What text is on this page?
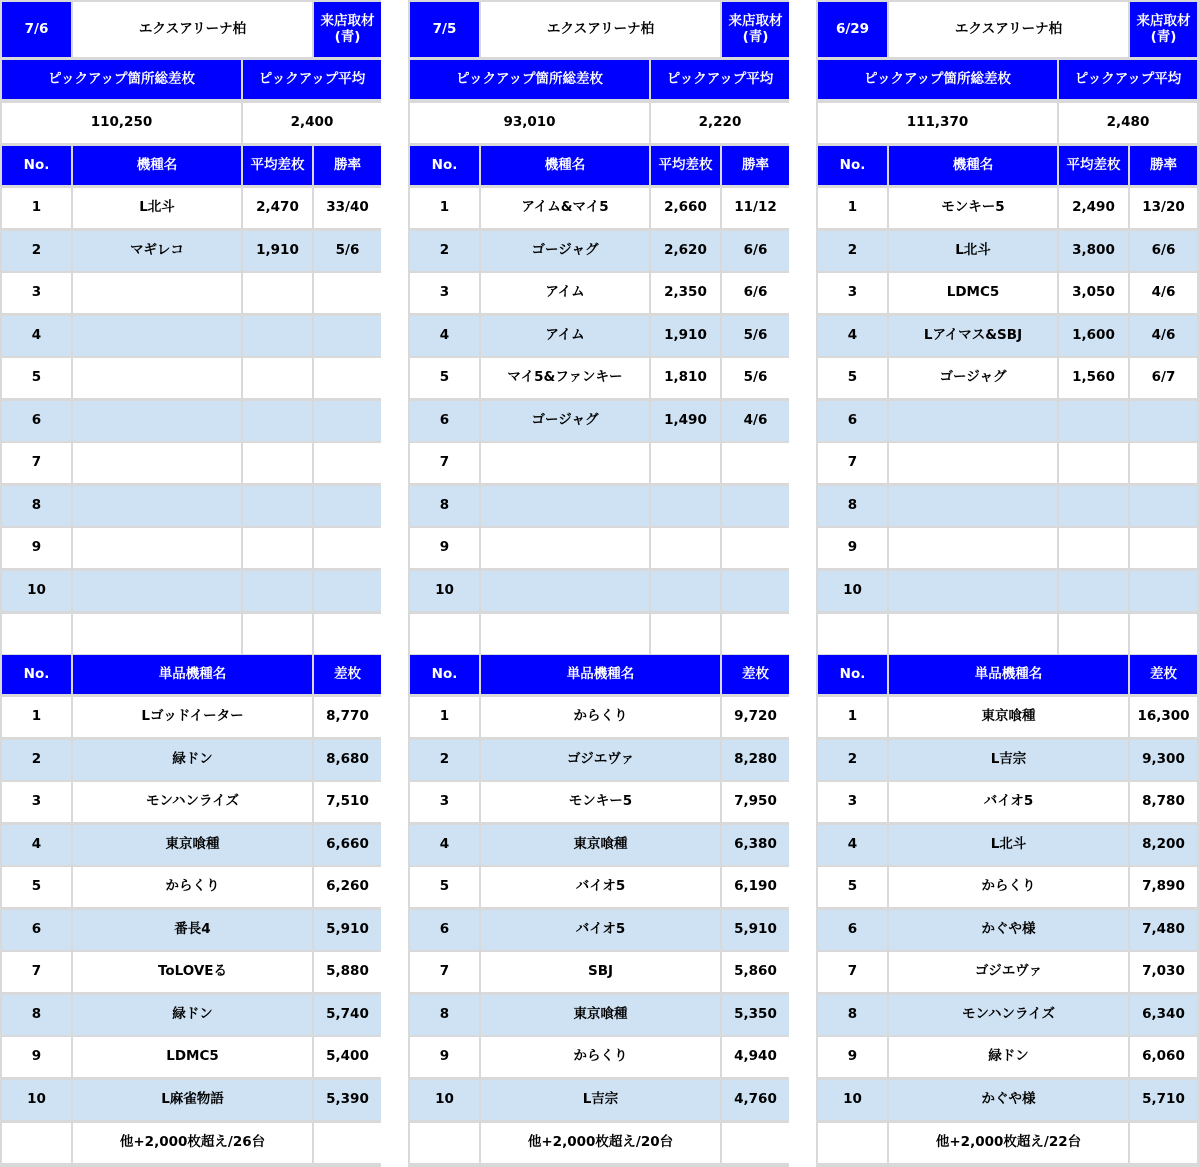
7/6	エクスアリーナ柏	来店取材
(青)
ピックアップ箇所総差枚	ピックアップ平均
110,250	2,400
No.	機種名	平均差枚	勝率
1	L北斗	2,470	33/40
2	マギレコ	1,910	5/6
3
4
5
6
7
8
9
10
No.	単品機種名	差枚
1	Lゴッドイーター	8,770
2	緑ドン	8,680
3	モンハンライズ	7,510
4	東京喰種	6,660
5	からくり	6,260
6	番長4	5,910
7	ToLOVEる	5,880
8	緑ドン	5,740
9	LDMC5	5,400
10	L麻雀物語	5,390
他+2,000枚超え/26台
7/5	エクスアリーナ柏	来店取材
(青)
ピックアップ箇所総差枚	ピックアップ平均
93,010	2,220
No.	機種名	平均差枚	勝率
1	アイム&マイ5	2,660	11/12
2	ゴージャグ	2,620	6/6
3	アイム	2,350	6/6
4	アイム	1,910	5/6
5	マイ5&ファンキー	1,810	5/6
6	ゴージャグ	1,490	4/6
7
8
9
10
No.	単品機種名	差枚
1	からくり	9,720
2	ゴジエヴァ	8,280
3	モンキー5	7,950
4	東京喰種	6,380
5	バイオ5	6,190
6	バイオ5	5,910
7	SBJ	5,860
8	東京喰種	5,350
9	からくり	4,940
10	L吉宗	4,760
他+2,000枚超え/20台
6/29	エクスアリーナ柏	来店取材
(青)
ピックアップ箇所総差枚	ピックアップ平均
111,370	2,480
No.	機種名	平均差枚	勝率
1	モンキー5	2,490	13/20
2	L北斗	3,800	6/6
3	LDMC5	3,050	4/6
4	Lアイマス&SBJ	1,600	4/6
5	ゴージャグ	1,560	6/7
6
7
8
9
10
No.	単品機種名	差枚
1	東京喰種	16,300
2	L吉宗	9,300
3	バイオ5	8,780
4	L北斗	8,200
5	からくり	7,890
6	かぐや様	7,480
7	ゴジエヴァ	7,030
8	モンハンライズ	6,340
9	緑ドン	6,060
10	かぐや様	5,710
他+2,000枚超え/22台
